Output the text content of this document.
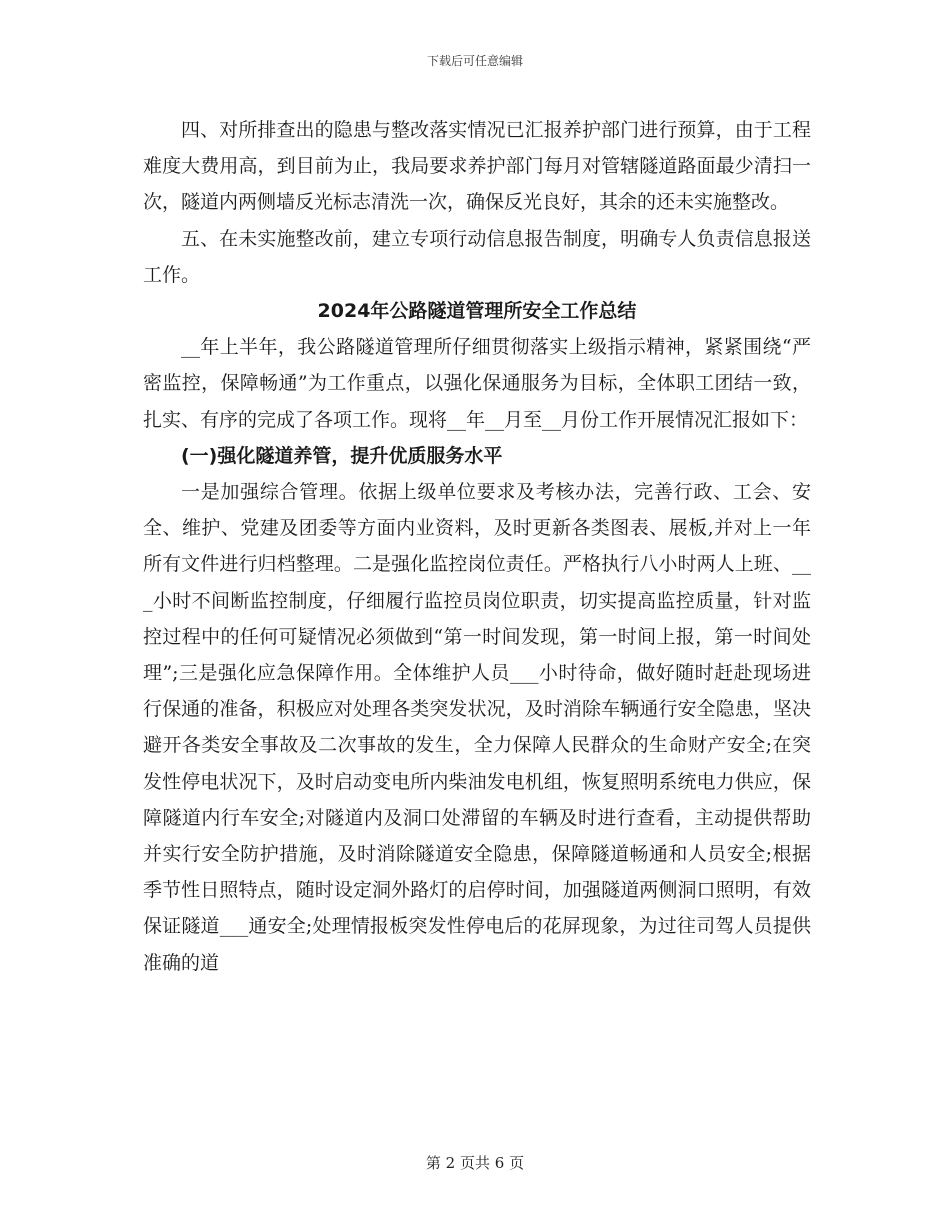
下载后可任意编辑

四、对所排查出的隐患与整改落实情况已汇报养护部门进行预算，由于工程难度大费用高，到目前为止，我局要求养护部门每月对管辖隧道路面最少清扫一次，隧道内两侧墙反光标志清洗一次，确保反光良好，其余的还未实施整改。

五、在未实施整改前，建立专项行动信息报告制度，明确专人负责信息报送工作。

2024年公路隧道管理所安全工作总结

__年上半年，我公路隧道管理所仔细贯彻落实上级指示精神，紧紧围绕“严密监控，保障畅通”为工作重点，以强化保通服务为目标，全体职工团结一致，扎实、有序的完成了各项工作。现将__年__月至__月份工作开展情况汇报如下：

(一)强化隧道养管，提升优质服务水平

一是加强综合管理。依据上级单位要求及考核办法，完善行政、工会、安全、维护、党建及团委等方面内业资料，及时更新各类图表、展板,并对上一年所有文件进行归档整理。二是强化监控岗位责任。严格执行八小时两人上班、___小时不间断监控制度，仔细履行监控员岗位职责，切实提高监控质量，针对监控过程中的任何可疑情况必须做到“第一时间发现，第一时间上报，第一时间处理”;三是强化应急保障作用。全体维护人员___小时待命，做好随时赶赴现场进行保通的准备，积极应对处理各类突发状况，及时消除车辆通行安全隐患，坚决避开各类安全事故及二次事故的发生，全力保障人民群众的生命财产安全;在突发性停电状况下，及时启动变电所内柴油发电机组，恢复照明系统电力供应，保障隧道内行车安全;对隧道内及洞口处滞留的车辆及时进行查看，主动提供帮助并实行安全防护措施，及时消除隧道安全隐患，保障隧道畅通和人员安全;根据季节性日照特点，随时设定洞外路灯的启停时间，加强隧道两侧洞口照明，有效保证隧道___通安全;处理情报板突发性停电后的花屏现象，为过往司驾人员提供准确的道

第 2 页共 6 页
